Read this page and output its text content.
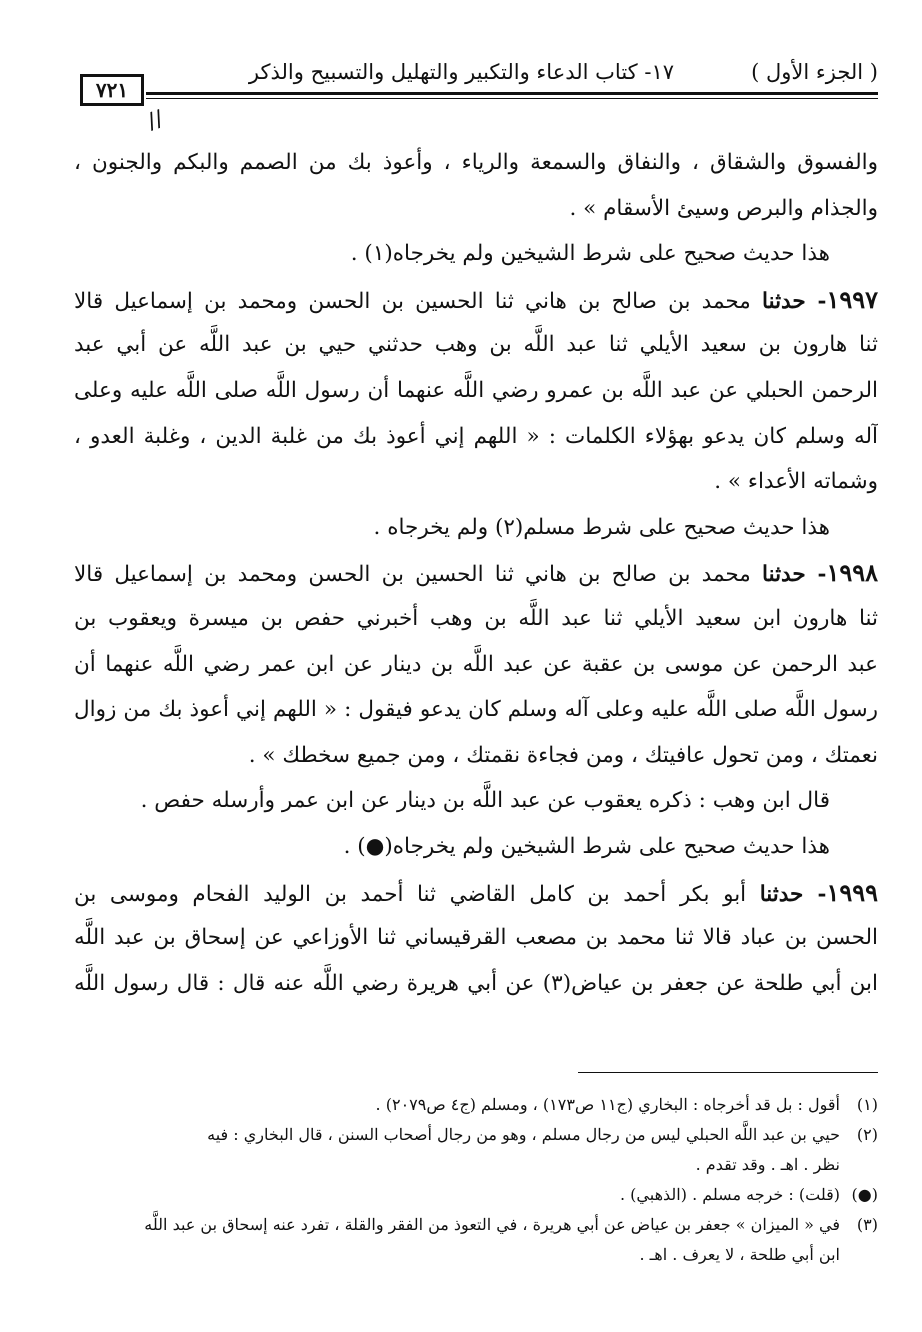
( الجزء الأول )
١٧- كتاب الدعاء والتكبير والتهليل والتسبيح والذكر
٧٢١
//
والفسوق والشقاق ، والنفاق والسمعة والرياء ، وأعوذ بك من الصمم والبكم والجنون ،
والجذام والبرص وسيئ الأسقام » .
هذا حديث صحيح على شرط الشيخين ولم يخرجاه(١) .
١٩٩٧- حدثنا محمد بن صالح بن هاني ثنا الحسين بن الحسن ومحمد بن إسماعيل قالا
ثنا هارون بن سعيد الأيلي ثنا عبد اللَّه بن وهب حدثني حيي بن عبد اللَّه عن أبي عبد
الرحمن الحبلي عن عبد اللَّه بن عمرو رضي اللَّه عنهما أن رسول اللَّه صلى اللَّه عليه وعلى
آله وسلم كان يدعو بهؤلاء الكلمات : « اللهم إني أعوذ بك من غلبة الدين ، وغلبة العدو ،
وشماته الأعداء » .
هذا حديث صحيح على شرط مسلم(٢) ولم يخرجاه .
١٩٩٨- حدثنا محمد بن صالح بن هاني ثنا الحسين بن الحسن ومحمد بن إسماعيل قالا
ثنا هارون ابن سعيد الأيلي ثنا عبد اللَّه بن وهب أخبرني حفص بن ميسرة ويعقوب بن
عبد الرحمن عن موسى بن عقبة عن عبد اللَّه بن دينار عن ابن عمر رضي اللَّه عنهما أن
رسول اللَّه صلى اللَّه عليه وعلى آله وسلم كان يدعو فيقول : « اللهم إني أعوذ بك من زوال
نعمتك ، ومن تحول عافيتك ، ومن فجاءة نقمتك ، ومن جميع سخطك » .
قال ابن وهب : ذكره يعقوب عن عبد اللَّه بن دينار عن ابن عمر وأرسله حفص .
هذا حديث صحيح على شرط الشيخين ولم يخرجاه(●) .
١٩٩٩- حدثنا أبو بكر أحمد بن كامل القاضي ثنا أحمد بن الوليد الفحام وموسى بن
الحسن بن عباد قالا ثنا محمد بن مصعب القرقيساني ثنا الأوزاعي عن إسحاق بن عبد اللَّه
ابن أبي طلحة عن جعفر بن عياض(٣) عن أبي هريرة رضي اللَّه عنه قال : قال رسول اللَّه
(١)أقول : بل قد أخرجاه : البخاري (ج١١ ص١٧٣) ، ومسلم (ج٤ ص٢٠٧٩) .
(٢)حيي بن عبد اللَّه الحبلي ليس من رجال مسلم ، وهو من رجال أصحاب السنن ، قال البخاري : فيه
نظر . اهـ . وقد تقدم .
(●)(قلت) : خرجه مسلم . (الذهبي) .
(٣)في « الميزان » جعفر بن عياض عن أبي هريرة ، في التعوذ من الفقر والقلة ، تفرد عنه إسحاق بن عبد اللَّه
ابن أبي طلحة ، لا يعرف . اهـ .
